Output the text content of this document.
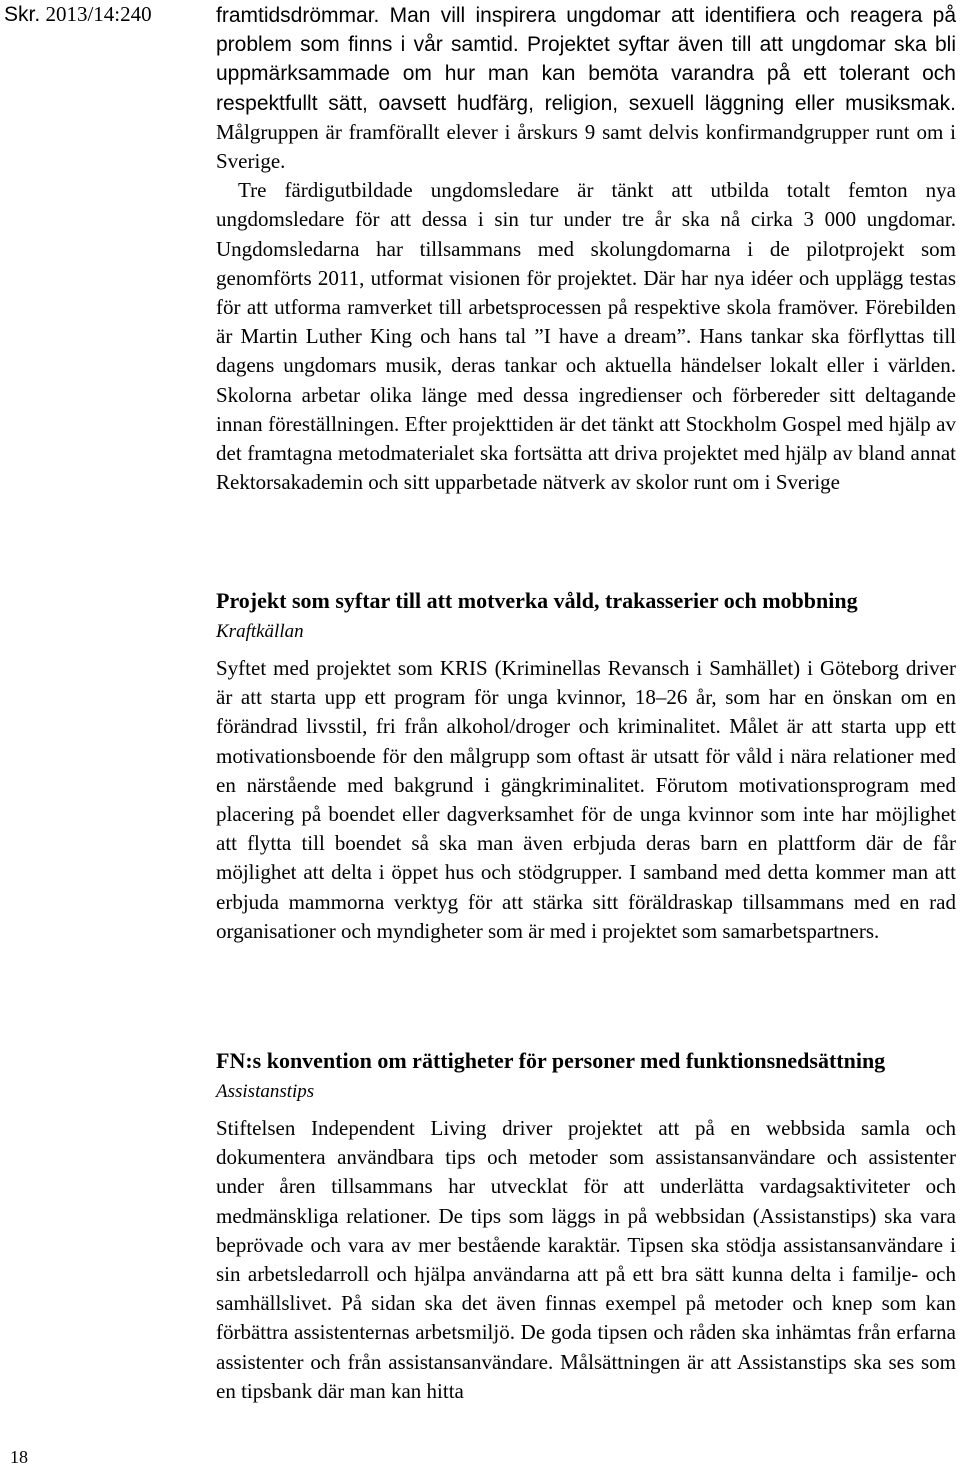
Skr. 2013/14:240
18

framtidsdrömmar. Man vill inspirera ungdomar att identifiera och reagera på problem som finns i vår samtid. Projektet syftar även till att ungdomar ska bli uppmärksammade om hur man kan bemöta varandra på ett tolerant och respektfullt sätt, oavsett hudfärg, religion, sexuell läggning eller musiksmak. Målgruppen är framförallt elever i årskurs 9 samt delvis konfirmandgrupper runt om i Sverige.

Tre färdigutbildade ungdomsledare är tänkt att utbilda totalt femton nya ungdomsledare för att dessa i sin tur under tre år ska nå cirka 3 000 ungdomar. Ungdomsledarna har tillsammans med skolungdomarna i de pilotprojekt som genomförts 2011, utformat visionen för projektet. Där har nya idéer och upplägg testas för att utforma ramverket till arbetsprocessen på respektive skola framöver. Förebilden är Martin Luther King och hans tal ”I have a dream”. Hans tankar ska förflyttas till dagens ungdomars musik, deras tankar och aktuella händelser lokalt eller i världen. Skolorna arbetar olika länge med dessa ingredienser och förbereder sitt deltagande innan föreställningen. Efter projekttiden är det tänkt att Stockholm Gospel med hjälp av det framtagna metodmaterialet ska fortsätta att driva projektet med hjälp av bland annat Rektorsakademin och sitt upparbetade nätverk av skolor runt om i Sverige

Projekt som syftar till att motverka våld, trakasserier och mobbning
Kraftkällan

Syftet med projektet som KRIS (Kriminellas Revansch i Samhället) i Göteborg driver är att starta upp ett program för unga kvinnor, 18–26 år, som har en önskan om en förändrad livsstil, fri från alkohol/droger och kriminalitet. Målet är att starta upp ett motivationsboende för den målgrupp som oftast är utsatt för våld i nära relationer med en närstående med bakgrund i gängkriminalitet. Förutom motivationsprogram med placering på boendet eller dagverksamhet för de unga kvinnor som inte har möjlighet att flytta till boendet så ska man även erbjuda deras barn en plattform där de får möjlighet att delta i öppet hus och stödgrupper. I samband med detta kommer man att erbjuda mammorna verktyg för att stärka sitt föräldraskap tillsammans med en rad organisationer och myndigheter som är med i projektet som samarbetspartners.

FN:s konvention om rättigheter för personer med funktionsnedsättning
Assistanstips

Stiftelsen Independent Living driver projektet att på en webbsida samla och dokumentera användbara tips och metoder som assistansanvändare och assistenter under åren tillsammans har utvecklat för att underlätta vardagsaktiviteter och medmänskliga relationer. De tips som läggs in på webbsidan (Assistanstips) ska vara beprövade och vara av mer bestående karaktär. Tipsen ska stödja assistansanvändare i sin arbetsledarroll och hjälpa användarna att på ett bra sätt kunna delta i familje- och samhällslivet. På sidan ska det även finnas exempel på metoder och knep som kan förbättra assistenternas arbetsmiljö. De goda tipsen och råden ska inhämtas från erfarna assistenter och från assistansanvändare. Målsättningen är att Assistanstips ska ses som en tipsbank där man kan hitta
